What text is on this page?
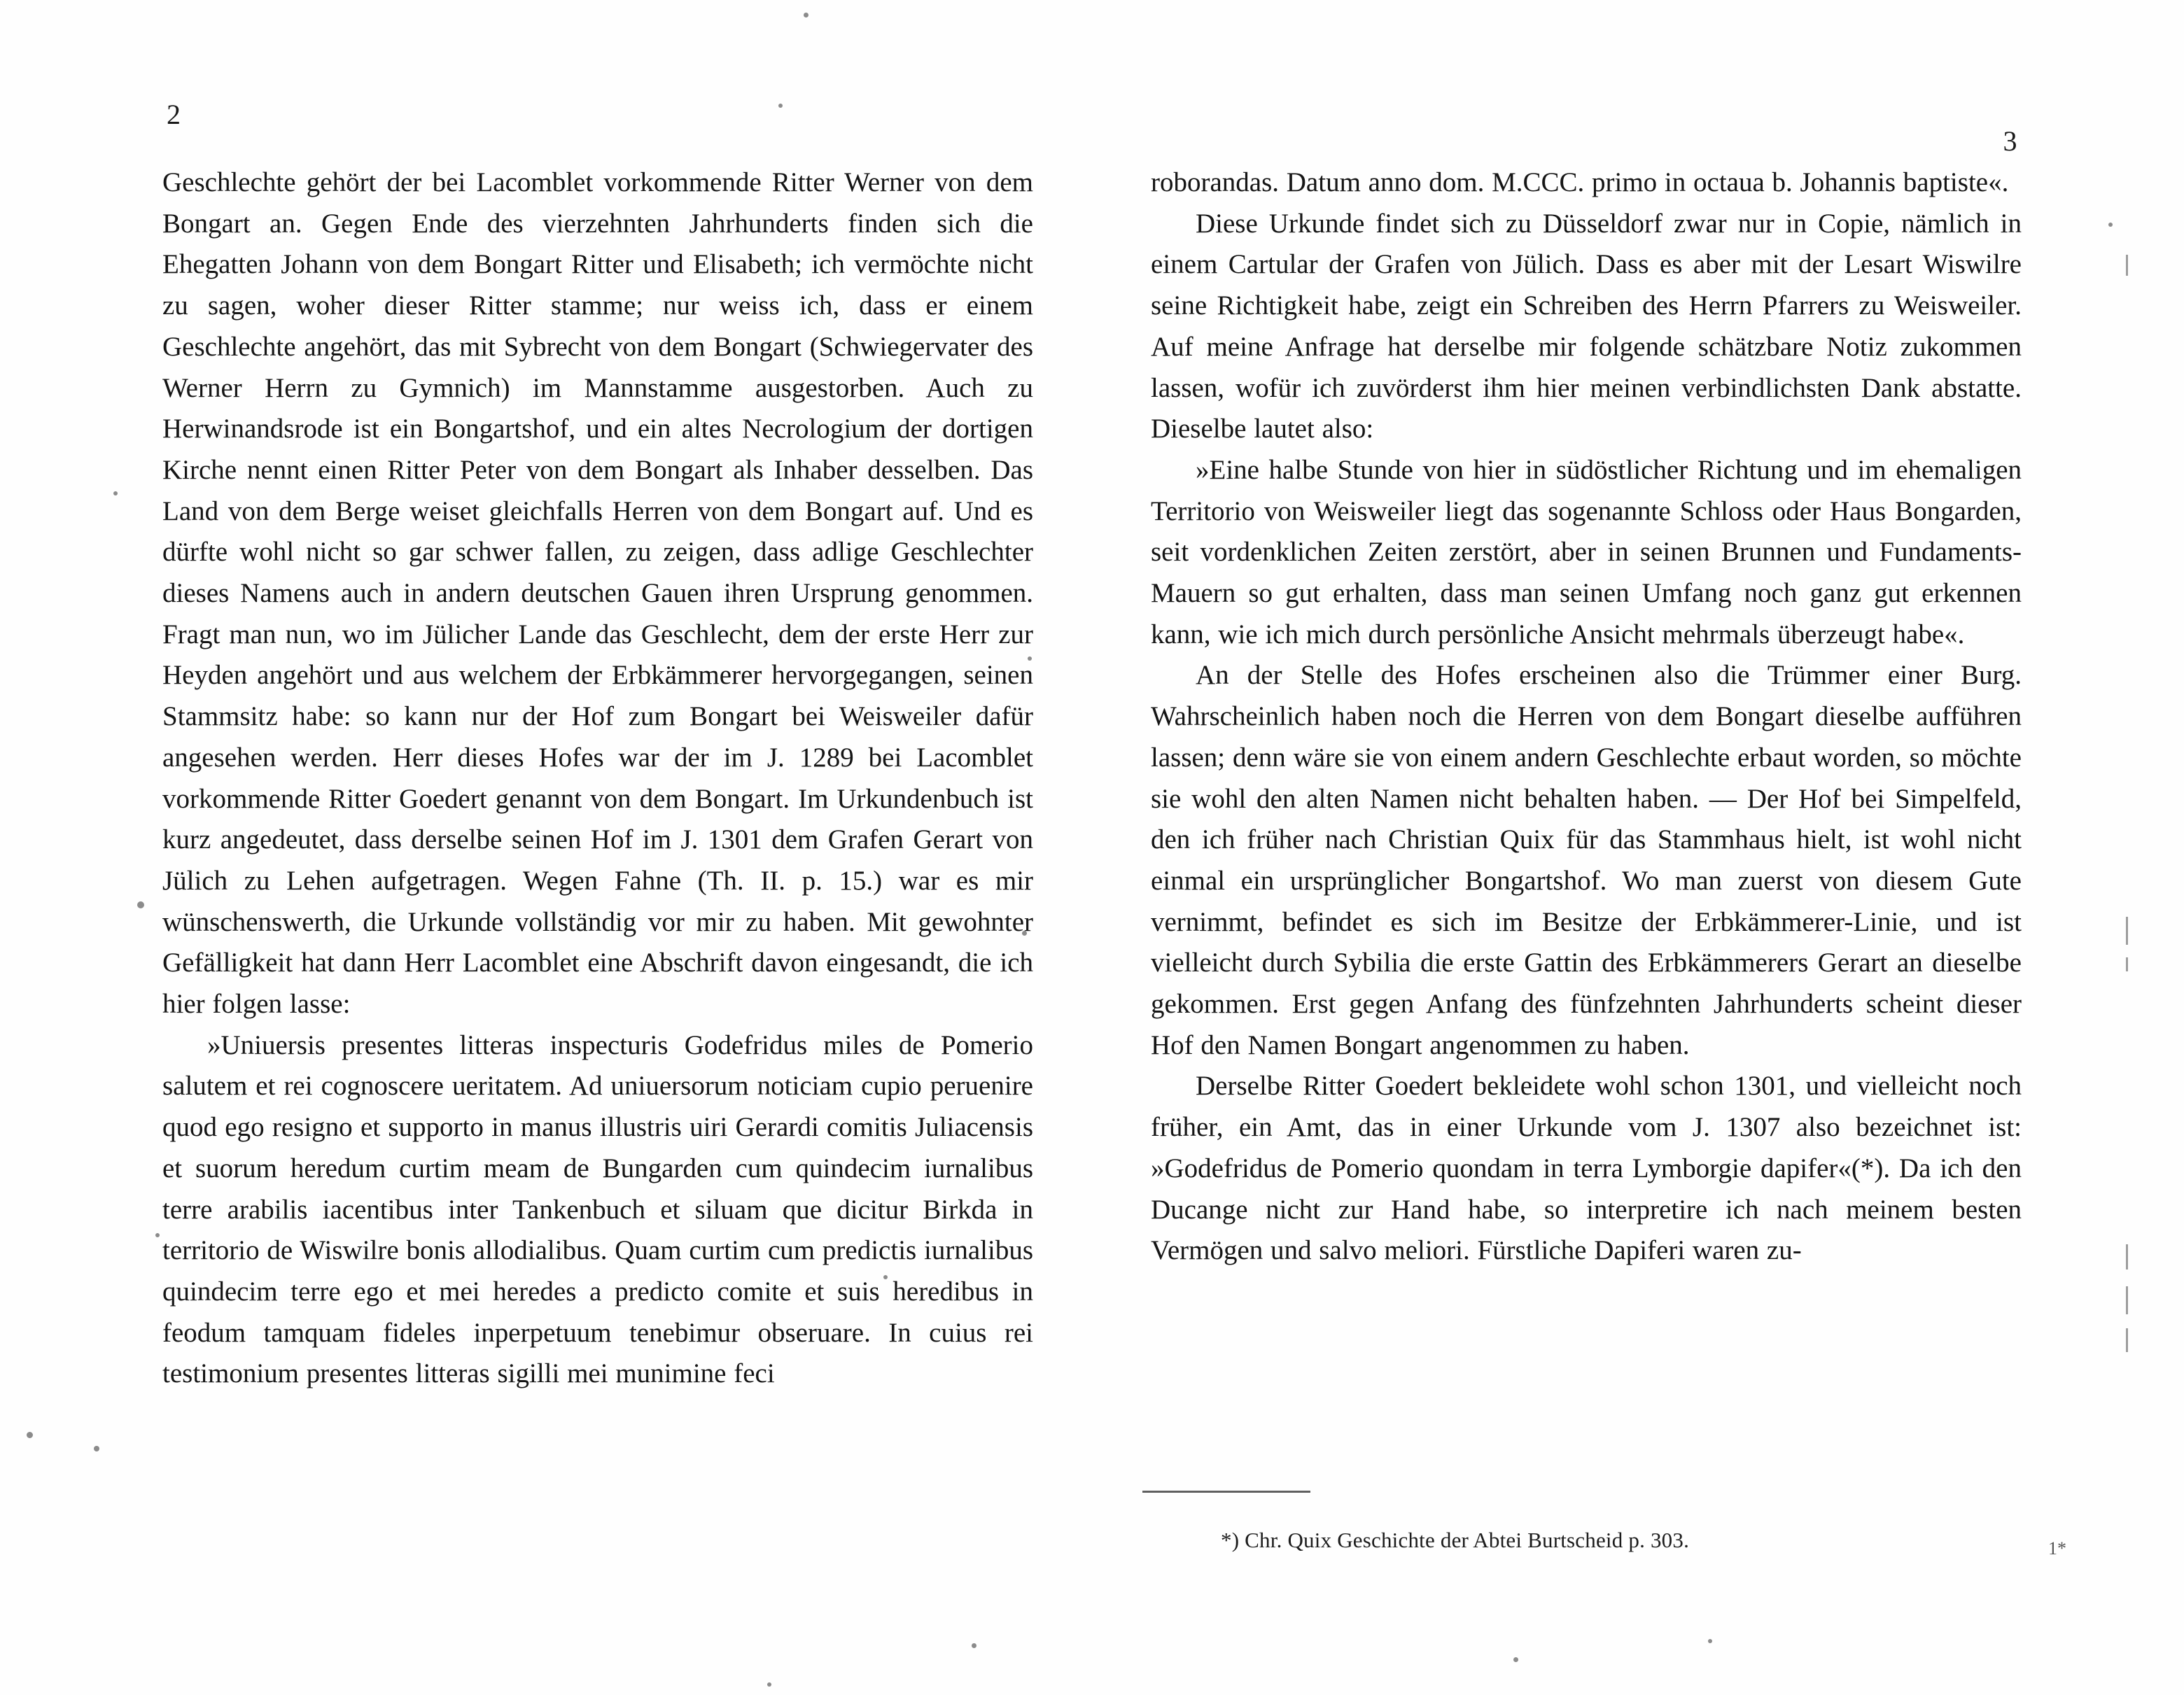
2
3

Geschlechte gehört der bei Lacomblet vorkommende Ritter Werner von dem Bongart an. Gegen Ende des vierzehnten Jahrhunderts finden sich die Ehegatten Johann von dem Bongart Ritter und Elisabeth; ich vermöchte nicht zu sagen, woher dieser Ritter stamme; nur weiss ich, dass er einem Geschlechte angehört, das mit Sybrecht von dem Bongart (Schwiegervater des Werner Herrn zu Gymnich) im Mannstamme ausgestorben. Auch zu Herwinandsrode ist ein Bongartshof, und ein altes Necrologium der dortigen Kirche nennt einen Ritter Peter von dem Bongart als Inhaber desselben. Das Land von dem Berge weiset gleichfalls Herren von dem Bongart auf. Und es dürfte wohl nicht so gar schwer fallen, zu zeigen, dass adlige Geschlechter dieses Namens auch in andern deutschen Gauen ihren Ursprung genommen. Fragt man nun, wo im Jülicher Lande das Geschlecht, dem der erste Herr zur Heyden angehört und aus welchem der Erbkämmerer hervorgegangen, seinen Stammsitz habe: so kann nur der Hof zum Bongart bei Weisweiler dafür angesehen werden. Herr dieses Hofes war der im J. 1289 bei Lacomblet vorkommende Ritter Goedert genannt von dem Bongart. Im Urkundenbuch ist kurz angedeutet, dass derselbe seinen Hof im J. 1301 dem Grafen Gerart von Jülich zu Lehen aufgetragen. Wegen Fahne (Th. II. p. 15.) war es mir wünschenswerth, die Urkunde vollständig vor mir zu haben. Mit gewohnter Gefälligkeit hat dann Herr Lacomblet eine Abschrift davon eingesandt, die ich hier folgen lasse:

»Uniuersis presentes litteras inspecturis Godefridus miles de Pomerio salutem et rei cognoscere ueritatem. Ad uniuersorum noticiam cupio peruenire quod ego resigno et supporto in manus illustris uiri Gerardi comitis Juliacensis et suorum heredum curtim meam de Bungarden cum quindecim iurnalibus terre arabilis iacentibus inter Tankenbuch et siluam que dicitur Birkda in territorio de Wiswilre bonis allodialibus. Quam curtim cum predictis iurnalibus quindecim terre ego et mei heredes a predicto comite et suis heredibus in feodum tamquam fideles inperpetuum tenebimur obseruare. In cuius rei testimonium presentes litteras sigilli mei munimine feci

roborandas. Datum anno dom. M.CCC. primo in octaua b. Johannis baptiste«.

Diese Urkunde findet sich zu Düsseldorf zwar nur in Copie, nämlich in einem Cartular der Grafen von Jülich. Dass es aber mit der Lesart Wiswilre seine Richtigkeit habe, zeigt ein Schreiben des Herrn Pfarrers zu Weisweiler. Auf meine Anfrage hat derselbe mir folgende schätzbare Notiz zukommen lassen, wofür ich zuvörderst ihm hier meinen verbindlichsten Dank abstatte. Dieselbe lautet also:

»Eine halbe Stunde von hier in südöstlicher Richtung und im ehemaligen Territorio von Weisweiler liegt das sogenannte Schloss oder Haus Bongarden, seit vordenklichen Zeiten zerstört, aber in seinen Brunnen und Fundaments-Mauern so gut erhalten, dass man seinen Umfang noch ganz gut erkennen kann, wie ich mich durch persönliche Ansicht mehrmals überzeugt habe«.

An der Stelle des Hofes erscheinen also die Trümmer einer Burg. Wahrscheinlich haben noch die Herren von dem Bongart dieselbe aufführen lassen; denn wäre sie von einem andern Geschlechte erbaut worden, so möchte sie wohl den alten Namen nicht behalten haben. — Der Hof bei Simpelfeld, den ich früher nach Christian Quix für das Stammhaus hielt, ist wohl nicht einmal ein ursprünglicher Bongartshof. Wo man zuerst von diesem Gute vernimmt, befindet es sich im Besitze der Erbkämmerer-Linie, und ist vielleicht durch Sybilia die erste Gattin des Erbkämmerers Gerart an dieselbe gekommen. Erst gegen Anfang des fünfzehnten Jahrhunderts scheint dieser Hof den Namen Bongart angenommen zu haben.

Derselbe Ritter Goedert bekleidete wohl schon 1301, und vielleicht noch früher, ein Amt, das in einer Urkunde vom J. 1307 also bezeichnet ist: »Godefridus de Pomerio quondam in terra Lymborgie dapifer«(*). Da ich den Ducange nicht zur Hand habe, so interpretire ich nach meinem besten Vermögen und salvo meliori. Fürstliche Dapiferi waren zu-

*) Chr. Quix Geschichte der Abtei Burtscheid p. 303.	1*
